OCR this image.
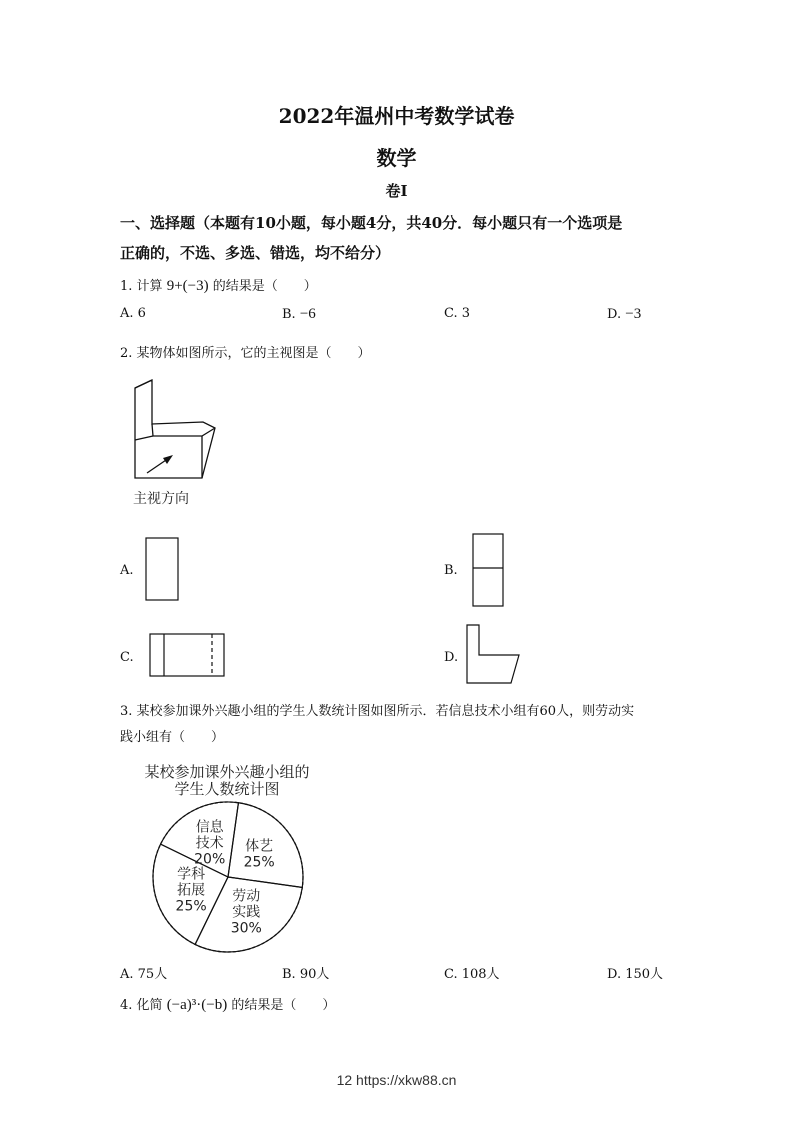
2022年温州中考数学试卷
数学
卷I
一、选择题（本题有10小题，每小题4分，共40分．每小题只有一个选项是
正确的，不选、多选、错选，均不给分）
1. 计算 9+(−3) 的结果是（　　）
A. 6	B. −6	C. 3	D. −3
2. 某物体如图所示，它的主视图是（　　）
主视方向
A.	B.
C.	D.
3. 某校参加课外兴趣小组的学生人数统计图如图所示．若信息技术小组有60人，则劳动实
践小组有（　　）
某校参加课外兴趣小组的
学生人数统计图
体艺
25%
劳动
实践
30%
学科
拓展
25%
信息
技术
20%
A. 75人	B. 90人	C. 108人	D. 150人
4. 化简 (−a)³·(−b) 的结果是（　　）
12 https://xkw88.cn
